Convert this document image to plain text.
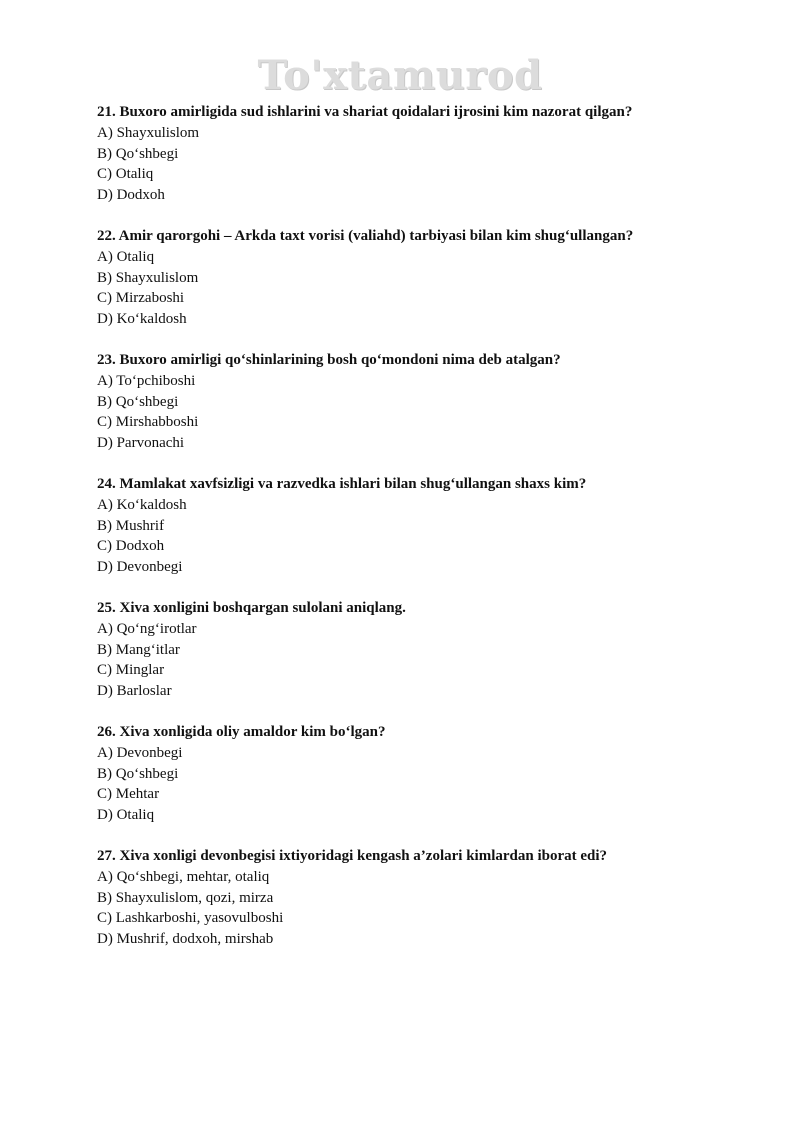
To'xtamurod
21. Buxoro amirligida sud ishlarini va shariat qoidalari ijrosini kim nazorat qilgan?
A) Shayxulislom
B) Qo‘shbegi
C) Otaliq
D) Dodxoh
22. Amir qarorgohi – Arkda taxt vorisi (valiahd) tarbiyasi bilan kim shug‘ullangan?
A) Otaliq
B) Shayxulislom
C) Mirzaboshi
D) Ko‘kaldosh
23. Buxoro amirligi qo‘shinlarining bosh qo‘mondoni nima deb atalgan?
A) To‘pchiboshi
B) Qo‘shbegi
C) Mirshabboshi
D) Parvonachi
24. Mamlakat xavfsizligi va razvedka ishlari bilan shug‘ullangan shaxs kim?
A) Ko‘kaldosh
B) Mushrif
C) Dodxoh
D) Devonbegi
25. Xiva xonligini boshqargan sulolani aniqlang.
A) Qo‘ng‘irotlar
B) Mang‘itlar
C) Minglar
D) Barloslar
26. Xiva xonligida oliy amaldor kim bo‘lgan?
A) Devonbegi
B) Qo‘shbegi
C) Mehtar
D) Otaliq
27. Xiva xonligi devonbegisi ixtiyoridagi kengash a’zolari kimlardan iborat edi?
A) Qo‘shbegi, mehtar, otaliq
B) Shayxulislom, qozi, mirza
C) Lashkarboshi, yasovulboshi
D) Mushrif, dodxoh, mirshab
